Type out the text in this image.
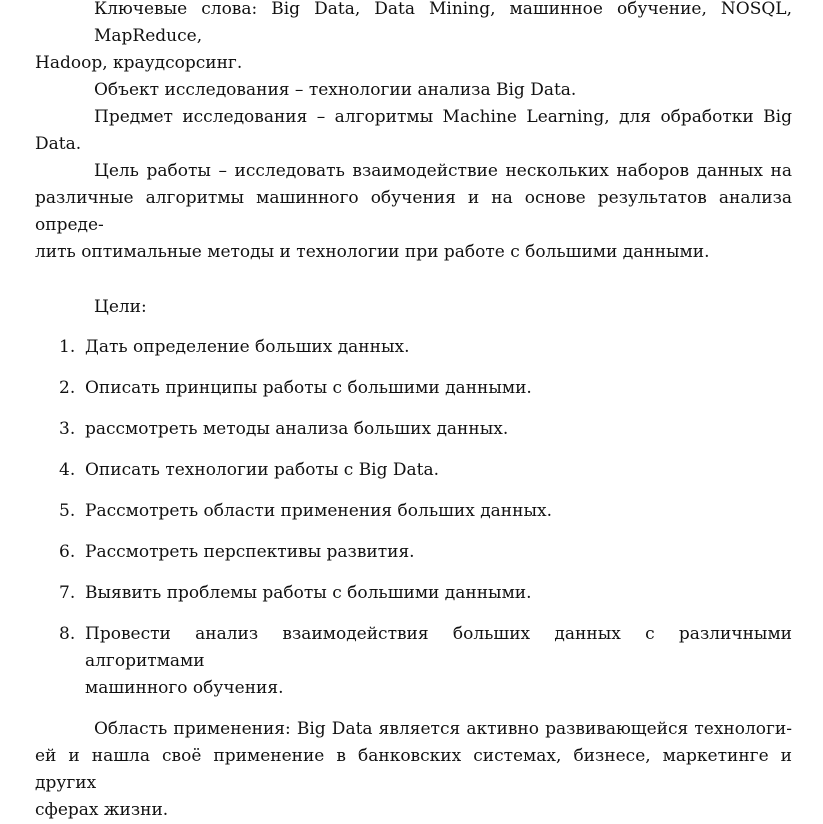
Ключевые слова: Big Data, Data Mining, машинное обучение, NOSQL, MapReduce,
Hadoop, краудсорсинг.

Объект исследования – технологии анализа Big Data.

Предмет исследования – алгоритмы Machine Learning, для обработки Big Data.

Цель работы – исследовать взаимодействие нескольких наборов данных на
различные алгоритмы машинного обучения и на основе результатов анализа опреде-
лить оптимальные методы и технологии при работе с большими данными.

Цели:

1. Дать определение больших данных.
2. Описать принципы работы с большими данными.
3. рассмотреть методы анализа больших данных.
4. Описать технологии работы с Big Data.
5. Рассмотреть области применения больших данных.
6. Рассмотреть перспективы развития.
7. Выявить проблемы работы с большими данными.
8. Провести анализ взаимодействия больших данных с различными алгоритмами
машинного обучения.
Область применения: Big Data является активно развивающейся технологи-
ей и нашла своё применение в банковских системах, бизнесе, маркетинге и других
сферах жизни.
